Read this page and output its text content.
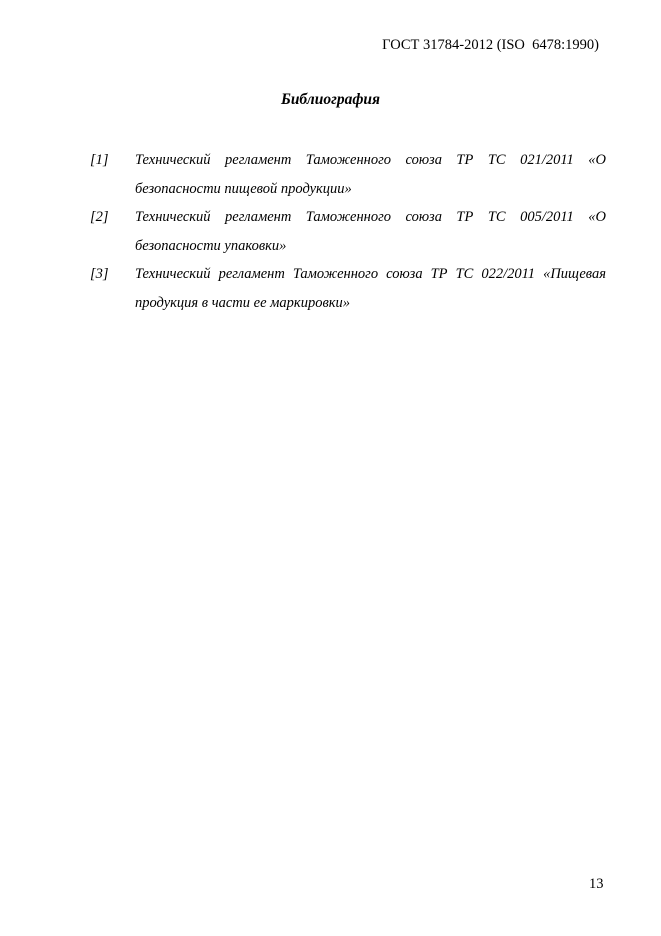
ГОСТ 31784-2012 (ISO  6478:1990)
Библиография
[1]	Технический регламент Таможенного союза ТР ТС 021/2011 «О безопасности пищевой продукции»
[2]	Технический регламент Таможенного союза ТР ТС 005/2011 «О безопасности упаковки»
[3]	Технический регламент Таможенного союза ТР ТС 022/2011 «Пищевая продукция в части ее маркировки»
13
